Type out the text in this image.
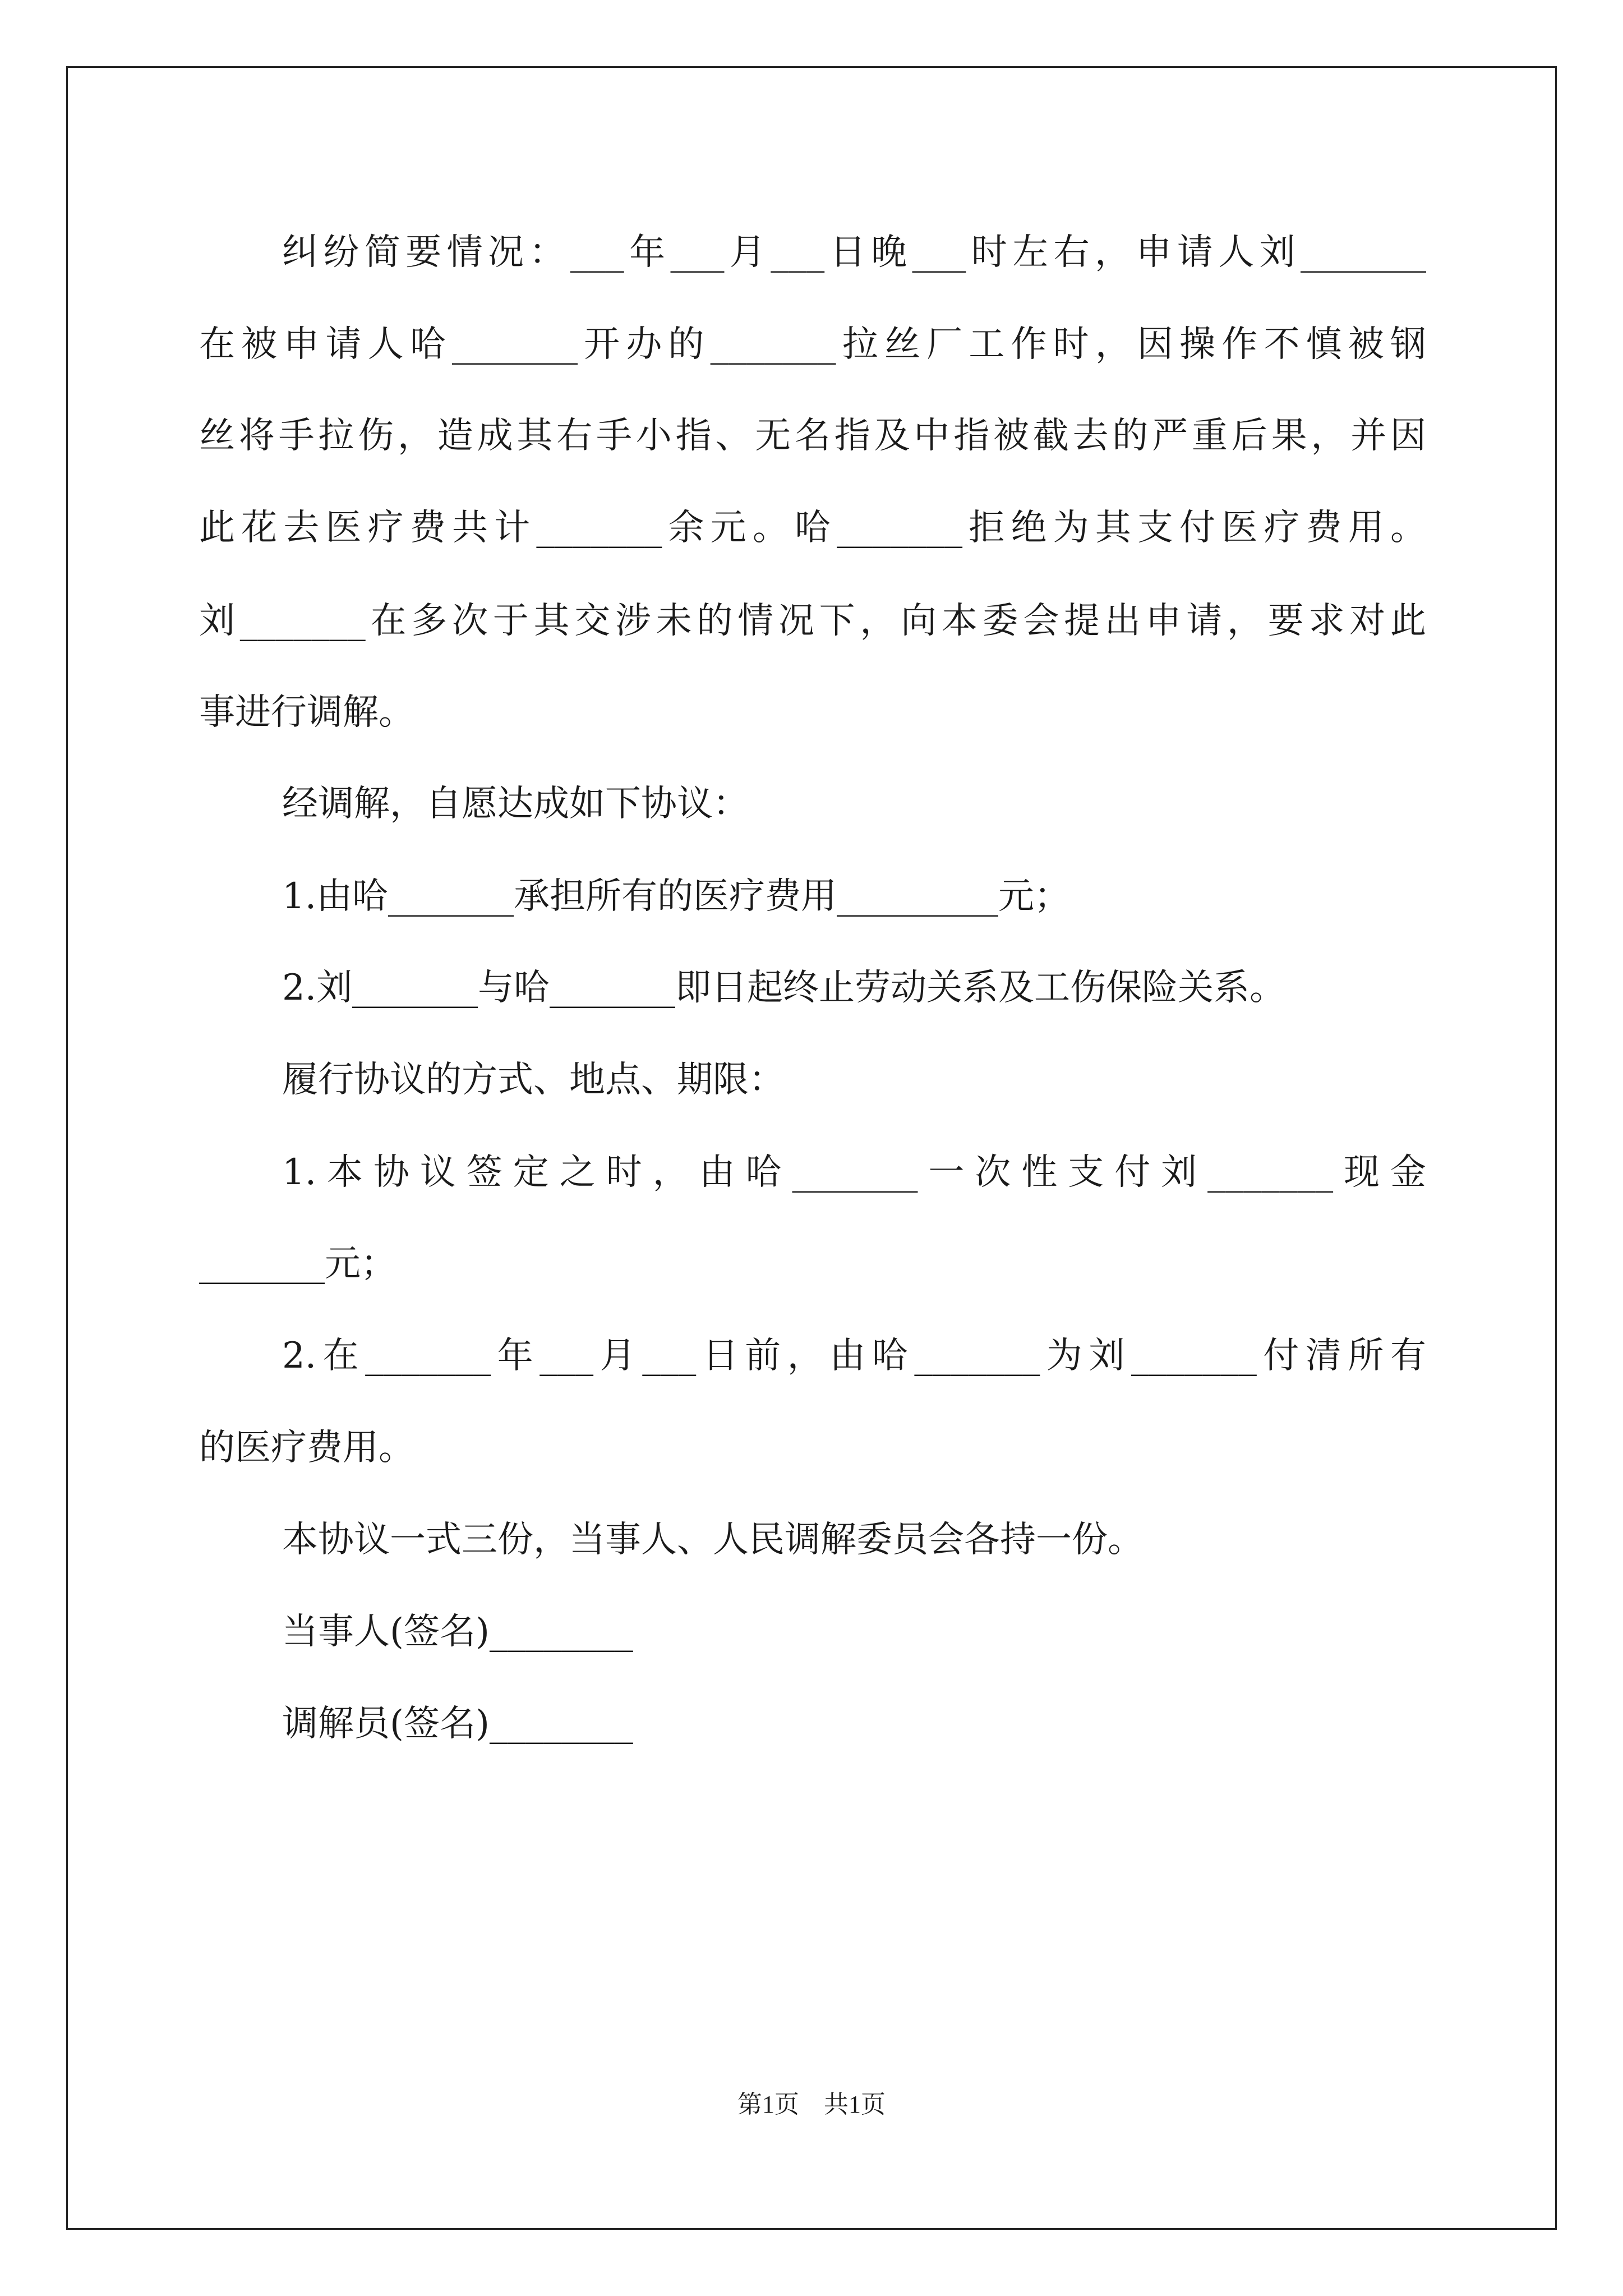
纠纷简要情况：___年___月___日晚___时左右，申请人刘_______
在被申请人哈_______开办的_______拉丝厂工作时，因操作不慎被钢
丝将手拉伤，造成其右手小指、无名指及中指被截去的严重后果，并因
此花去医疗费共计_______余元。哈_______拒绝为其支付医疗费用。
刘_______在多次于其交涉未的情况下，向本委会提出申请，要求对此
事进行调解。
经调解，自愿达成如下协议：
1.由哈_______承担所有的医疗费用_________元；
2.刘_______与哈_______即日起终止劳动关系及工伤保险关系。
履行协议的方式、地点、期限：
1.本协议签定之时，由哈_______一次性支付刘_______现金
_______元；
2.在_______年___月___日前，由哈_______为刘_______付清所有
的医疗费用。
本协议一式三份，当事人、人民调解委员会各持一份。
当事人(签名)________
调解员(签名)________
第1页　共1页
